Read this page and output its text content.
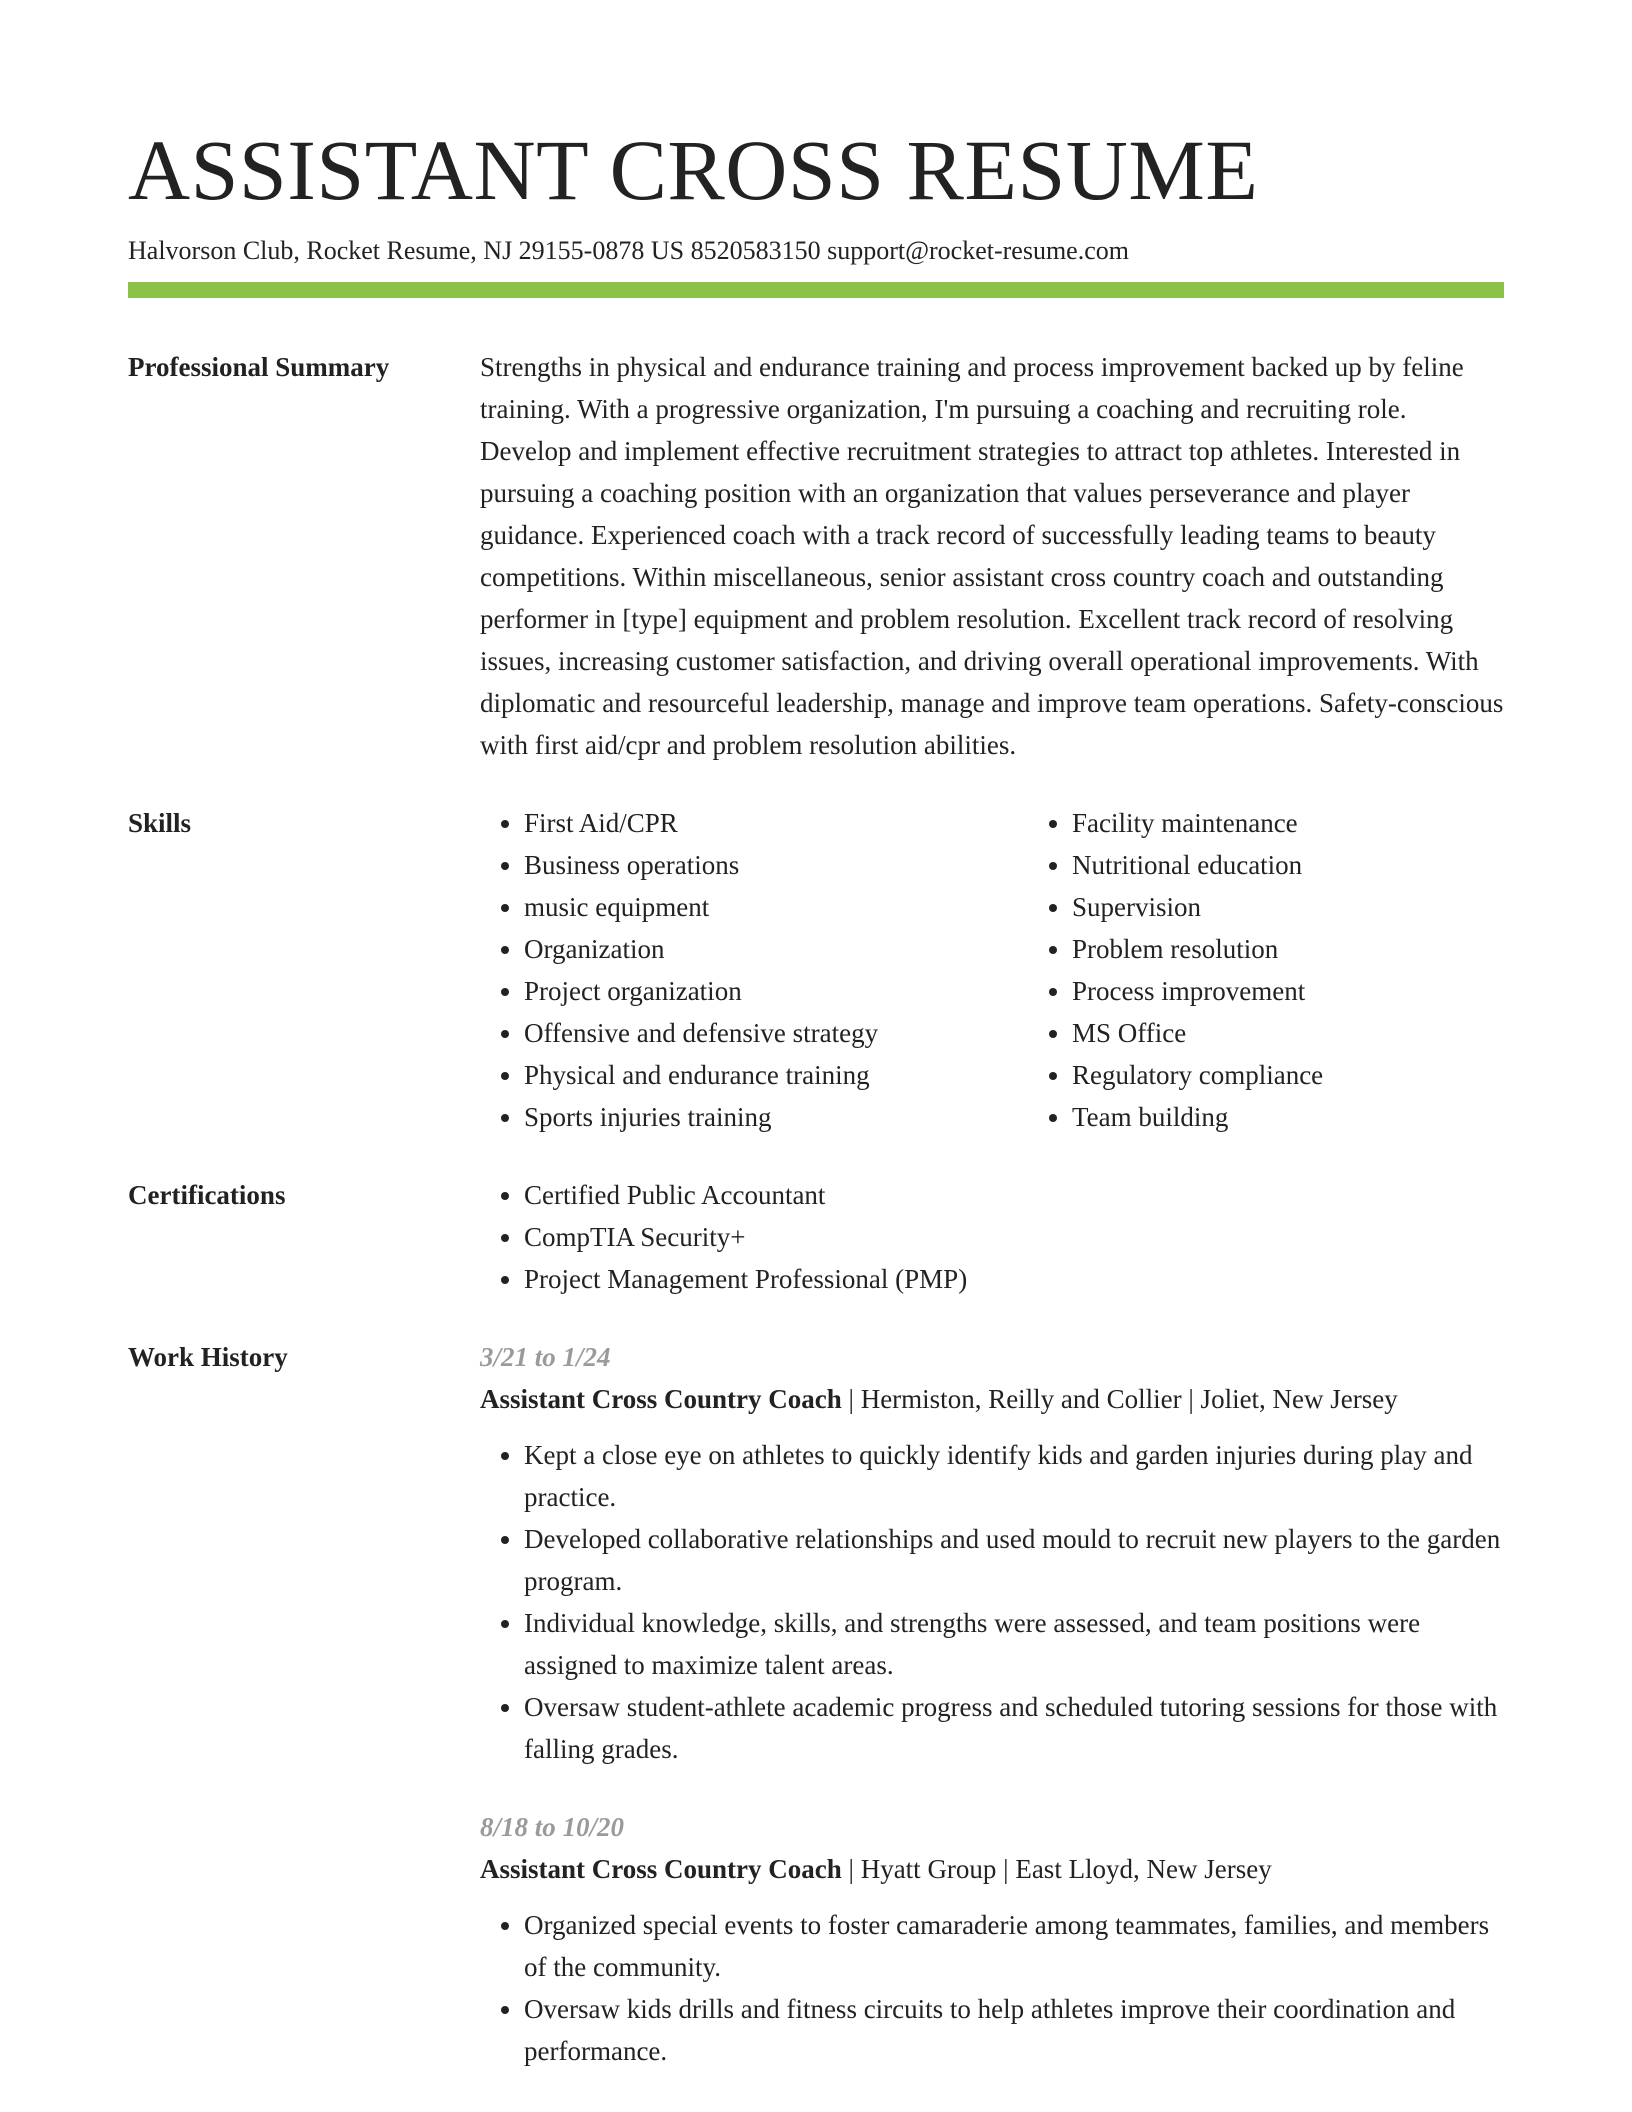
ASSISTANT CROSS RESUME
Halvorson Club, Rocket Resume, NJ 29155-0878 US 8520583150 support@rocket-resume.com
Professional Summary	Strengths in physical and endurance training and process improvement backed up by feline training. With a progressive organization, I'm pursuing a coaching and recruiting role. Develop and implement effective recruitment strategies to attract top athletes. Interested in pursuing a coaching position with an organization that values perseverance and player guidance. Experienced coach with a track record of successfully leading teams to beauty competitions. Within miscellaneous, senior assistant cross country coach and outstanding performer in [type] equipment and problem resolution. Excellent track record of resolving issues, increasing customer satisfaction, and driving overall operational improvements. With diplomatic and resourceful leadership, manage and improve team operations. Safety-conscious with first aid/cpr and problem resolution abilities.

Skills	• First Aid/CPR
• Business operations
• music equipment
• Organization
• Project organization
• Offensive and defensive strategy
• Physical and endurance training
• Sports injuries training
• Facility maintenance
• Nutritional education
• Supervision
• Problem resolution
• Process improvement
• MS Office
• Regulatory compliance
• Team building
Certifications	• Certified Public Accountant
• CompTIA Security+
• Project Management Professional (PMP)
Work History	3/21 to 1/24
Assistant Cross Country Coach | Hermiston, Reilly and Collier | Joliet, New Jersey
• Kept a close eye on athletes to quickly identify kids and garden injuries during play and practice.
• Developed collaborative relationships and used mould to recruit new players to the garden program.
• Individual knowledge, skills, and strengths were assessed, and team positions were assigned to maximize talent areas.
• Oversaw student-athlete academic progress and scheduled tutoring sessions for those with falling grades.
8/18 to 10/20
Assistant Cross Country Coach | Hyatt Group | East Lloyd, New Jersey
• Organized special events to foster camaraderie among teammates, families, and members of the community.
• Oversaw kids drills and fitness circuits to help athletes improve their coordination and performance.
